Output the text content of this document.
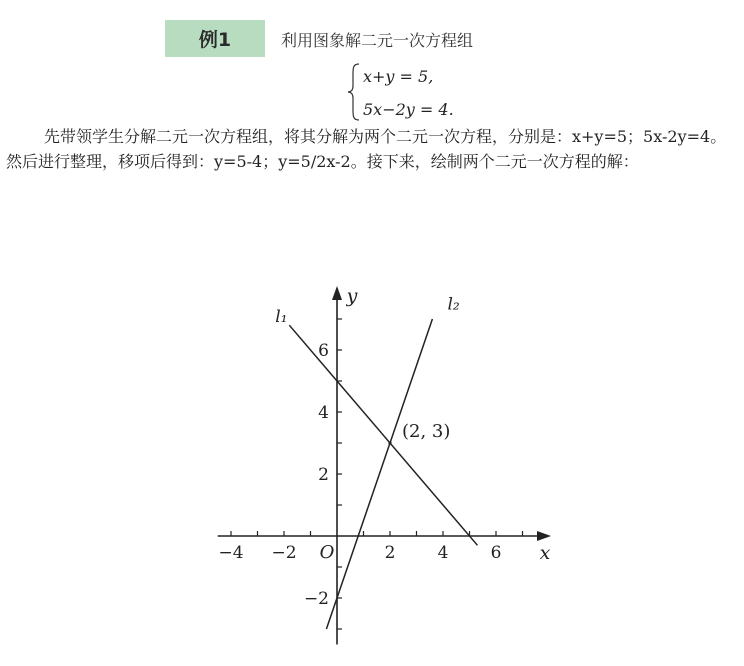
例1	利用图象解二元一次方程组
x+y = 5,
5x−2y = 4.

先带领学生分解二元一次方程组，将其分解为两个二元一次方程，分别是：x+y=5；5x-2y=4。然后进行整理，移项后得到：y=5-4；y=5/2x-2。接下来，绘制两个二元一次方程的解：

−4 −2	2 4 6
−2
2
4
6
x
y
O
l₁
l₂
(2, 3)
